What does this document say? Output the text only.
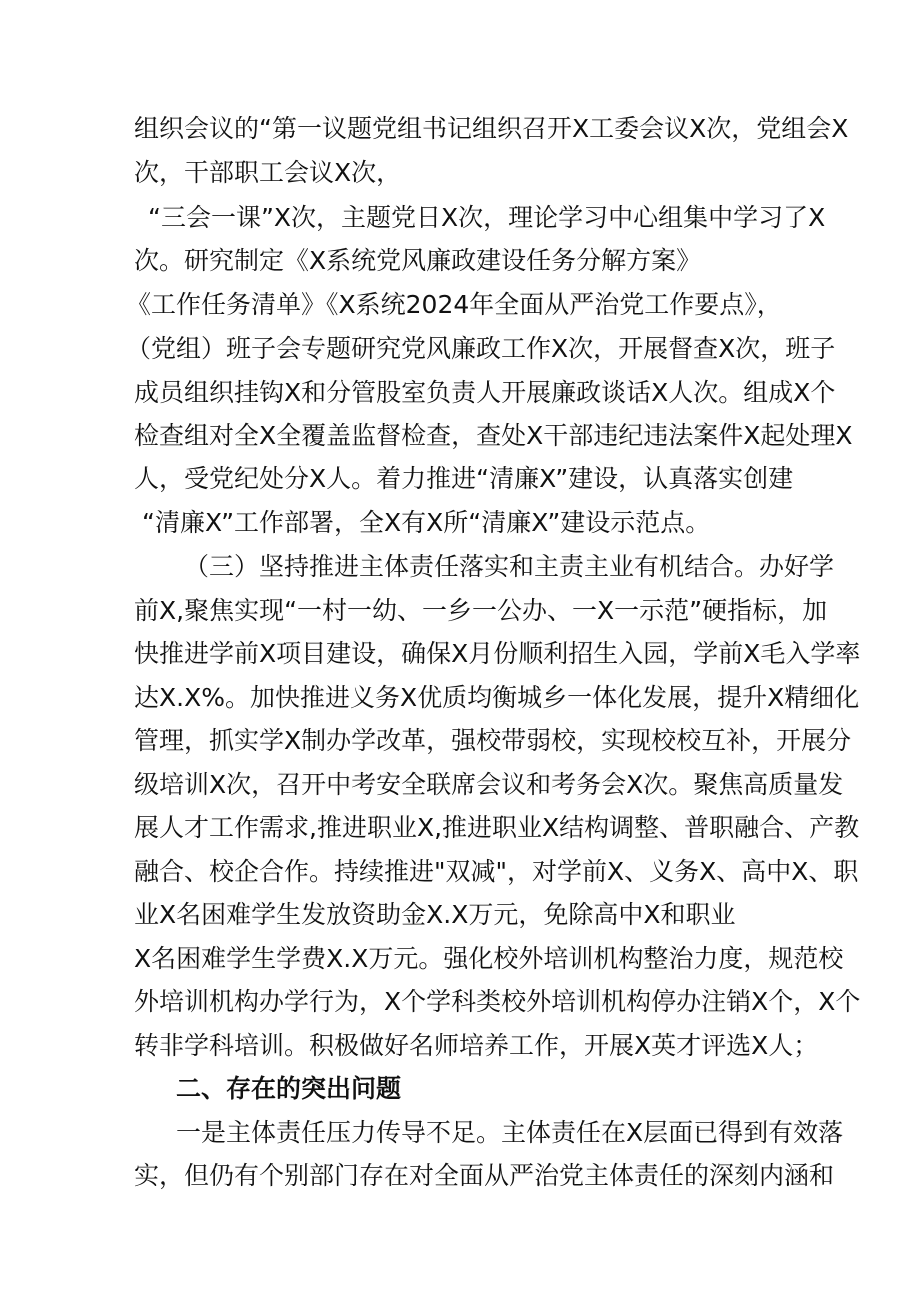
组织会议的“第一议题党组书记组织召开X工委会议X次，党组会X
次，干部职工会议X次，
“三会一课”X次，主题党日X次，理论学习中心组集中学习了X
次。研究制定《X系统党风廉政建设任务分解方案》
《工作任务清单》《X系统2024年全面从严治党工作要点》，
（党组）班子会专题研究党风廉政工作X次，开展督查X次，班子
成员组织挂钩X和分管股室负责人开展廉政谈话X人次。组成X个
检查组对全X全覆盖监督检查，查处X干部违纪违法案件X起处理X
人，受党纪处分X人。着力推进“清廉X”建设，认真落实创建
“清廉X”工作部署，全X有X所“清廉X”建设示范点。
（三）坚持推进主体责任落实和主责主业有机结合。办好学
前X,聚焦实现“一村一幼、一乡一公办、一X一示范”硬指标，加
快推进学前X项目建设，确保X月份顺利招生入园，学前X毛入学率
达X.X%。加快推进义务X优质均衡城乡一体化发展，提升X精细化
管理，抓实学X制办学改革，强校带弱校，实现校校互补，开展分
级培训X次，召开中考安全联席会议和考务会X次。聚焦高质量发
展人才工作需求,推进职业X,推进职业X结构调整、普职融合、产教
融合、校企合作。持续推进"双减"，对学前X、义务X、高中X、职
业X名困难学生发放资助金X.X万元，免除高中X和职业
X名困难学生学费X.X万元。强化校外培训机构整治力度，规范校
外培训机构办学行为，X个学科类校外培训机构停办注销X个，X个
转非学科培训。积极做好名师培养工作，开展X英才评选X人；
二、存在的突出问题
一是主体责任压力传导不足。主体责任在X层面已得到有效落
实，但仍有个别部门存在对全面从严治党主体责任的深刻内涵和
